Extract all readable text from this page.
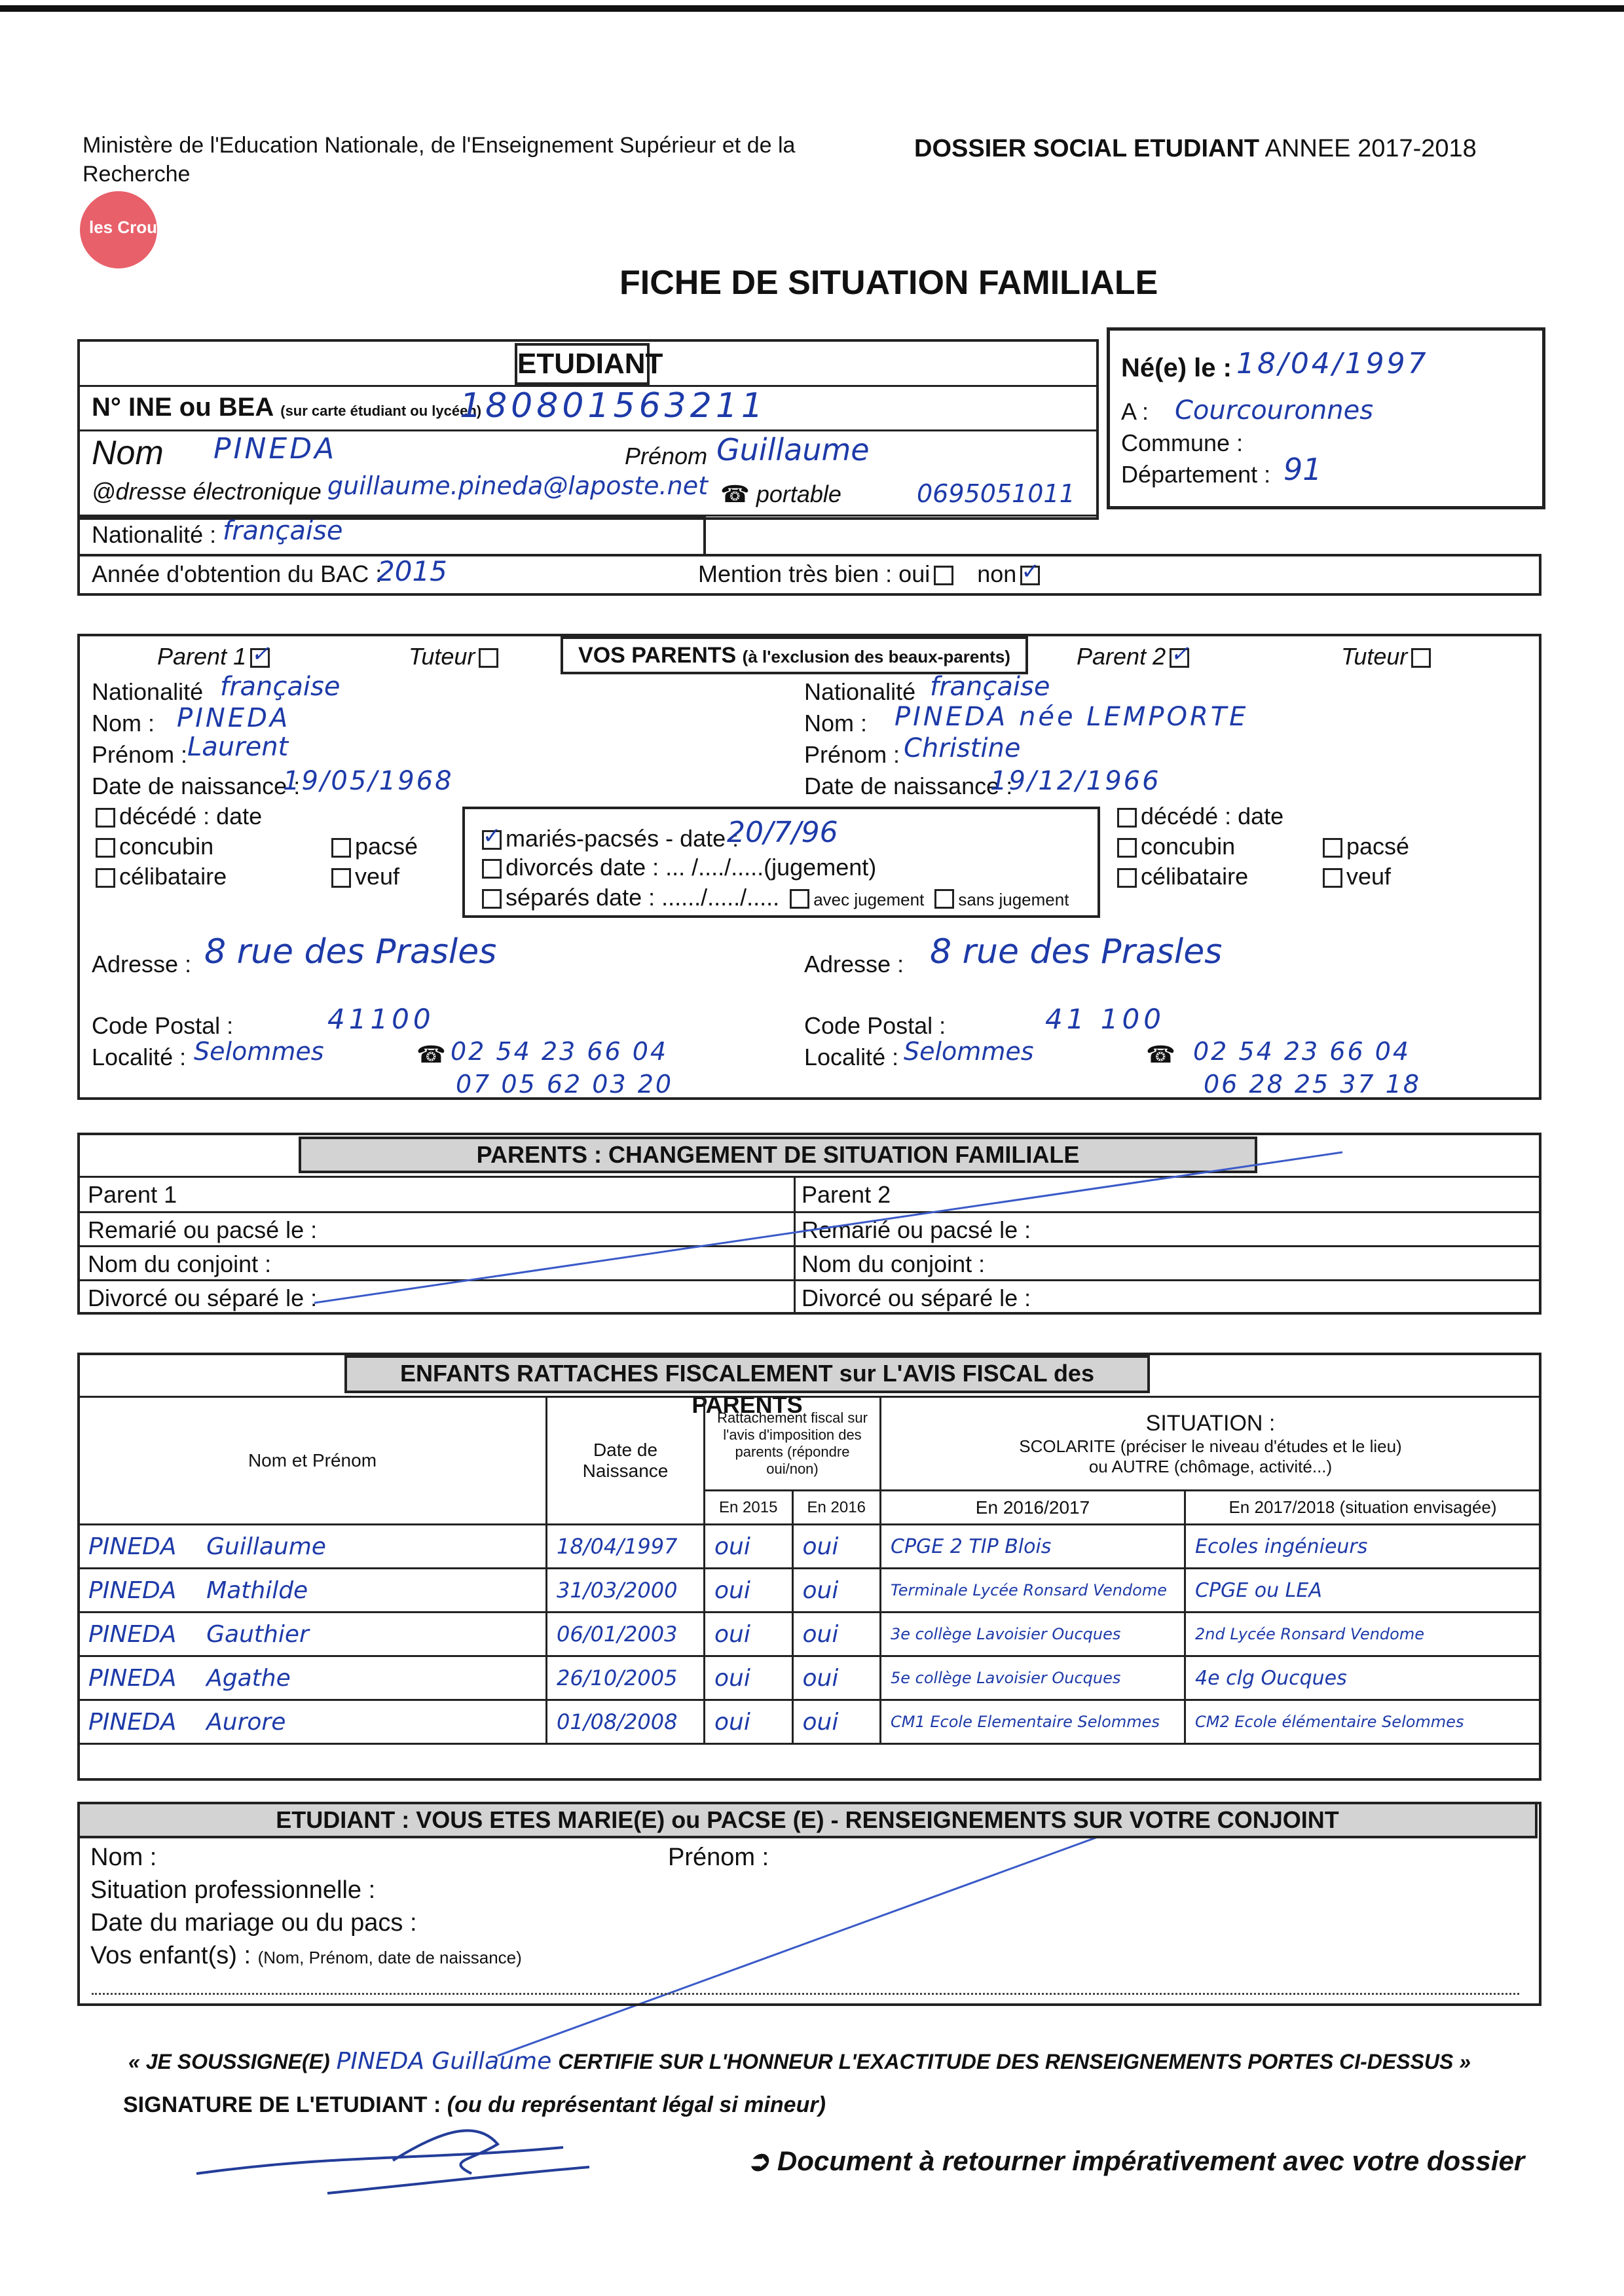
Ministère de l'Education Nationale, de l'Enseignement Supérieur et de la Recherche
les Crous
DOSSIER SOCIAL ETUDIANT ANNEE 2017-2018
FICHE DE SITUATION FAMILIALE
ETUDIANT
N° INE ou BEA (sur carte étudiant ou lycéen)
180801563211
Nom PINEDA	Prénom Guillaume
@dresse électronique guillaume.pineda@laposte.net ☎ portable	0695051011
Né(e) le : 18/04/1997
A : Courcouronnes
Commune :
Département : 91
Nationalité : française
Année d'obtention du BAC :
2015	Mention très bien : oui non✓
VOS PARENTS (à l'exclusion des beaux-parents)
Parent 1 ✓	Tuteur	Parent 2 ✓	Tuteur
Nationalité française
Nom : PINEDA
Prénom : Laurent
Date de naissance :
19/05/1968
décédé : date
concubin	pacsé
célibataire	veuf
✓mariés-pacsés - date :
20/7/96
divorcés date : ... /..../.....(jugement)
séparés date : ....../...../..... avec jugement sans jugement
Adresse : 8 rue des Prasles
Code Postal :	41100
Localité : Selommes	☎ 02 54 23 66 04
07 05 62 03 20
Nationalité française
Nom : PINEDA née LEMPORTE
Prénom : Christine
Date de naissance :
19/12/1966
décédé : date
concubin	pacsé
célibataire	veuf
Adresse : 8 rue des Prasles
Code Postal :	41 100
Localité : Selommes	☎ 02 54 23 66 04
06 28 25 37 18
PARENTS : CHANGEMENT DE SITUATION FAMILIALE
Parent 1
Remarié ou pacsé le :
Nom du conjoint :
Divorcé ou séparé le :
Parent 2
Remarié ou pacsé le :
Nom du conjoint :
Divorcé ou séparé le :
ENFANTS RATTACHES FISCALEMENT sur L'AVIS FISCAL des PARENTS
Nom et Prénom	Date de Naissance	Rattachement fiscal sur l'avis d'imposition des parents (répondre oui/non)		SITUATION :
SCOLARITE (préciser le niveau d'études et le lieu)
ou AUTRE (chômage, activité...)	

		En 2015	En 2016	En 2016/2017	En 2017/2018 (situation envisagée)
PINEDA Guillaume	18/04/1997	oui	oui	CPGE 2 TIP Blois	Ecoles ingénieurs
PINEDA Mathilde	31/03/2000	oui	oui	Terminale Lycée Ronsard Vendome	CPGE ou LEA
PINEDA Gauthier	06/01/2003	oui	oui	3e collège Lavoisier Oucques	2nd Lycée Ronsard Vendome
PINEDA Agathe	26/10/2005	oui	oui	5e collège Lavoisier Oucques	4e clg Oucques
PINEDA Aurore	01/08/2008	oui	oui	CM1 Ecole Elementaire Selommes	CM2 Ecole élémentaire Selommes
ETUDIANT : VOUS ETES MARIE(E) ou PACSE (E) - RENSEIGNEMENTS SUR VOTRE CONJOINT
Nom :	Prénom :
Situation professionnelle :
Date du mariage ou du pacs :
Vos enfant(s) : (Nom, Prénom, date de naissance)
« JE SOUSSIGNE(E) PINEDA Guillaume CERTIFIE SUR L'HONNEUR L'EXACTITUDE DES RENSEIGNEMENTS PORTES CI-DESSUS »
SIGNATURE DE L'ETUDIANT : (ou du représentant légal si mineur)
➲ Document à retourner impérativement avec votre dossier
